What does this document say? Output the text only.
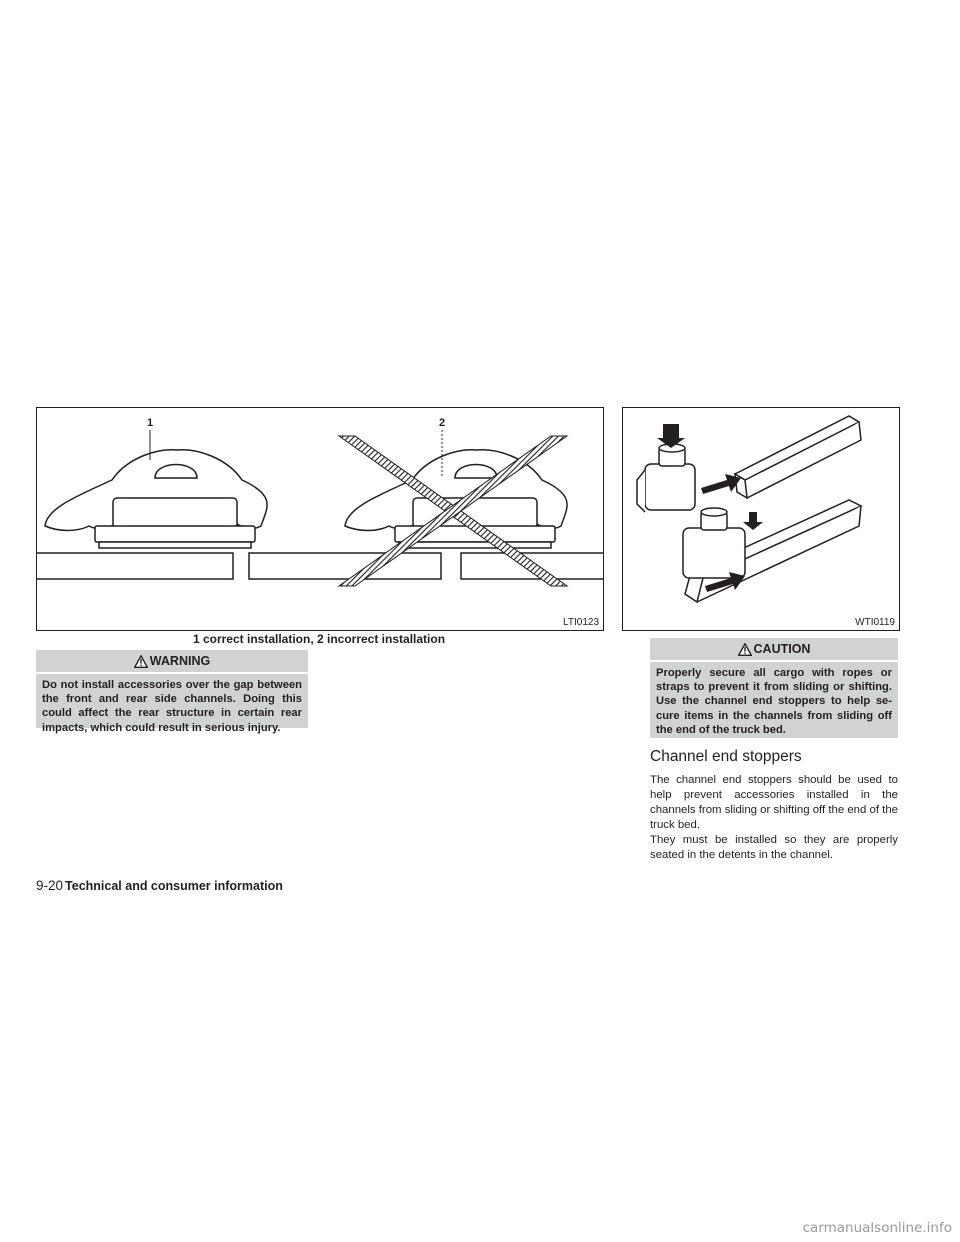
1	2
LTI0123
1 correct installation, 2 incorrect installation
WTI0119
WARNING
Do not install accessories over the gap between the front and rear side channels. Doing this could affect the rear structure in certain rear impacts, which could result in serious injury.
CAUTION
Properly secure all cargo with ropes or straps to prevent it from sliding or shifting. Use the channel end stoppers to help se-cure items in the channels from sliding off the end of the truck bed.
Channel end stoppers
The channel end stoppers should be used to help prevent accessories installed in the channels from sliding or shifting off the end of the truck bed.
They must be installed so they are properly seated in the detents in the channel.
9-20 Technical and consumer information
carmanualsonline.info
